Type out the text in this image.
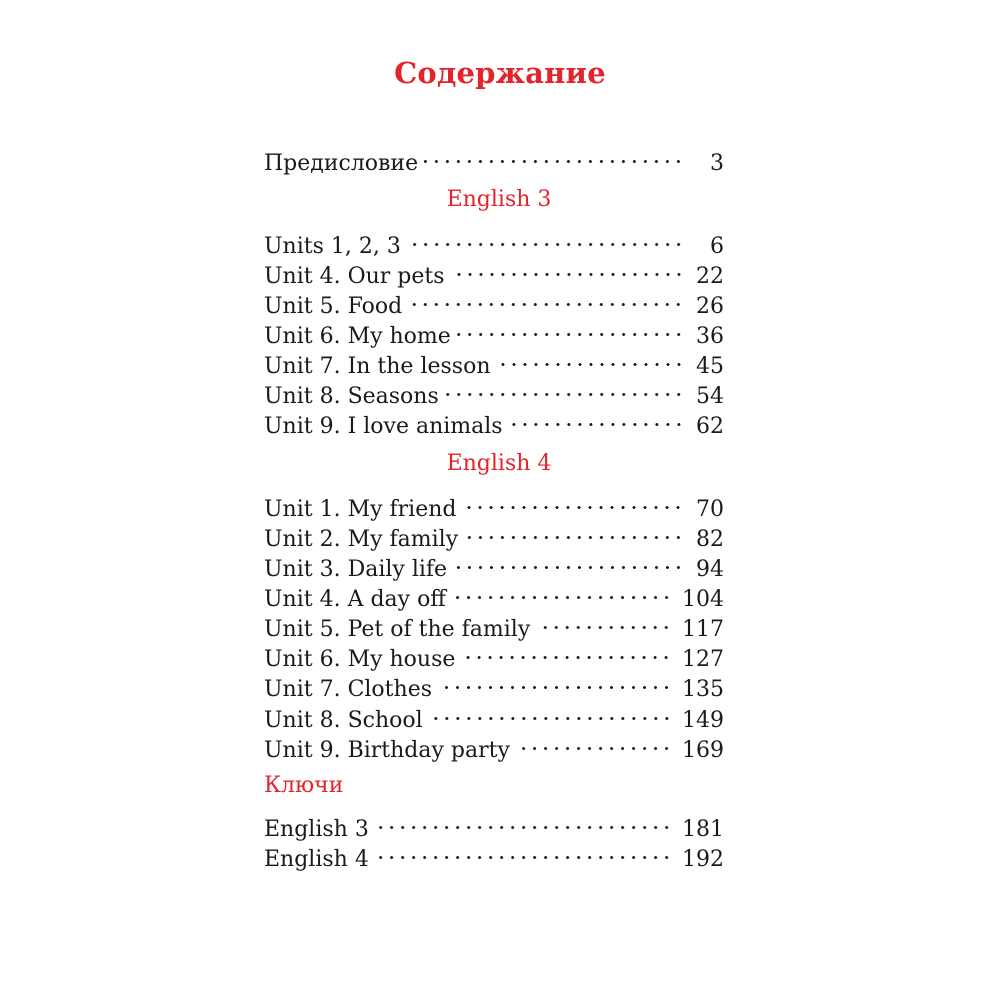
Содержание
Предисловие	3
English 3
Units 1, 2, 3	6
Unit 4. Our pets	22
Unit 5. Food	26
Unit 6. My home	36
Unit 7. In the lesson	45
Unit 8. Seasons	54
Unit 9. I love animals	62
English 4
Unit 1. My friend	70
Unit 2. My family	82
Unit 3. Daily life	94
Unit 4. A day off	104
Unit 5. Pet of the family	117
Unit 6. My house	127
Unit 7. Clothes	135
Unit 8. School	149
Unit 9. Birthday party	169
Ключи
English 3	181
English 4	192
